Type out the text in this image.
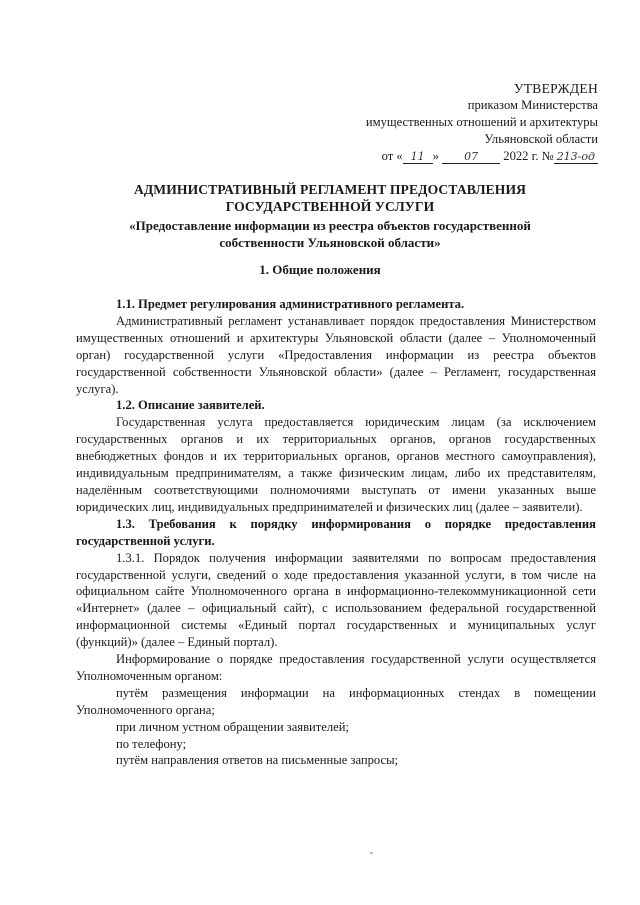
УТВЕРЖДЕН
приказом Министерства
имущественных отношений и архитектуры
Ульяновской области
от « 11 » 07 2022 г. № 213-од
АДМИНИСТРАТИВНЫЙ РЕГЛАМЕНТ ПРЕДОСТАВЛЕНИЯ
ГОСУДАРСТВЕННОЙ УСЛУГИ
«Предоставление информации из реестра объектов государственной
собственности Ульяновской области»
1. Общие положения

1.1. Предмет регулирования административного регламента.

Административный регламент устанавливает порядок предоставления Министерством имущественных отношений и архитектуры Ульяновской области (далее – Уполномоченный орган) государственной услуги «Предоставления информации из реестра объектов государственной собственности Ульяновской области» (далее – Регламент, государственная услуга).

1.2. Описание заявителей.

Государственная услуга предоставляется юридическим лицам (за исключением государственных органов и их территориальных органов, органов государственных внебюджетных фондов и их территориальных органов, органов местного самоуправления), индивидуальным предпринимателям, а также физическим лицам, либо их представителям, наделённым соответствующими полномочиями выступать от имени указанных выше юридических лиц, индивидуальных предпринимателей и физических лиц (далее – заявители).

1.3. Требования к порядку информирования о порядке предоставления государственной услуги.

1.3.1. Порядок получения информации заявителями по вопросам предоставления государственной услуги, сведений о ходе предоставления указанной услуги, в том числе на официальном сайте Уполномоченного органа в информационно-телекоммуникационной сети «Интернет» (далее – официальный сайт), с использованием федеральной государственной информационной системы «Единый портал государственных и муниципальных услуг (функций)» (далее – Единый портал).

Информирование о порядке предоставления государственной услуги осуществляется Уполномоченным органом:

путём размещения информации на информационных стендах в помещении Уполномоченного органа;

при личном устном обращении заявителей;

по телефону;

путём направления ответов на письменные запросы;
